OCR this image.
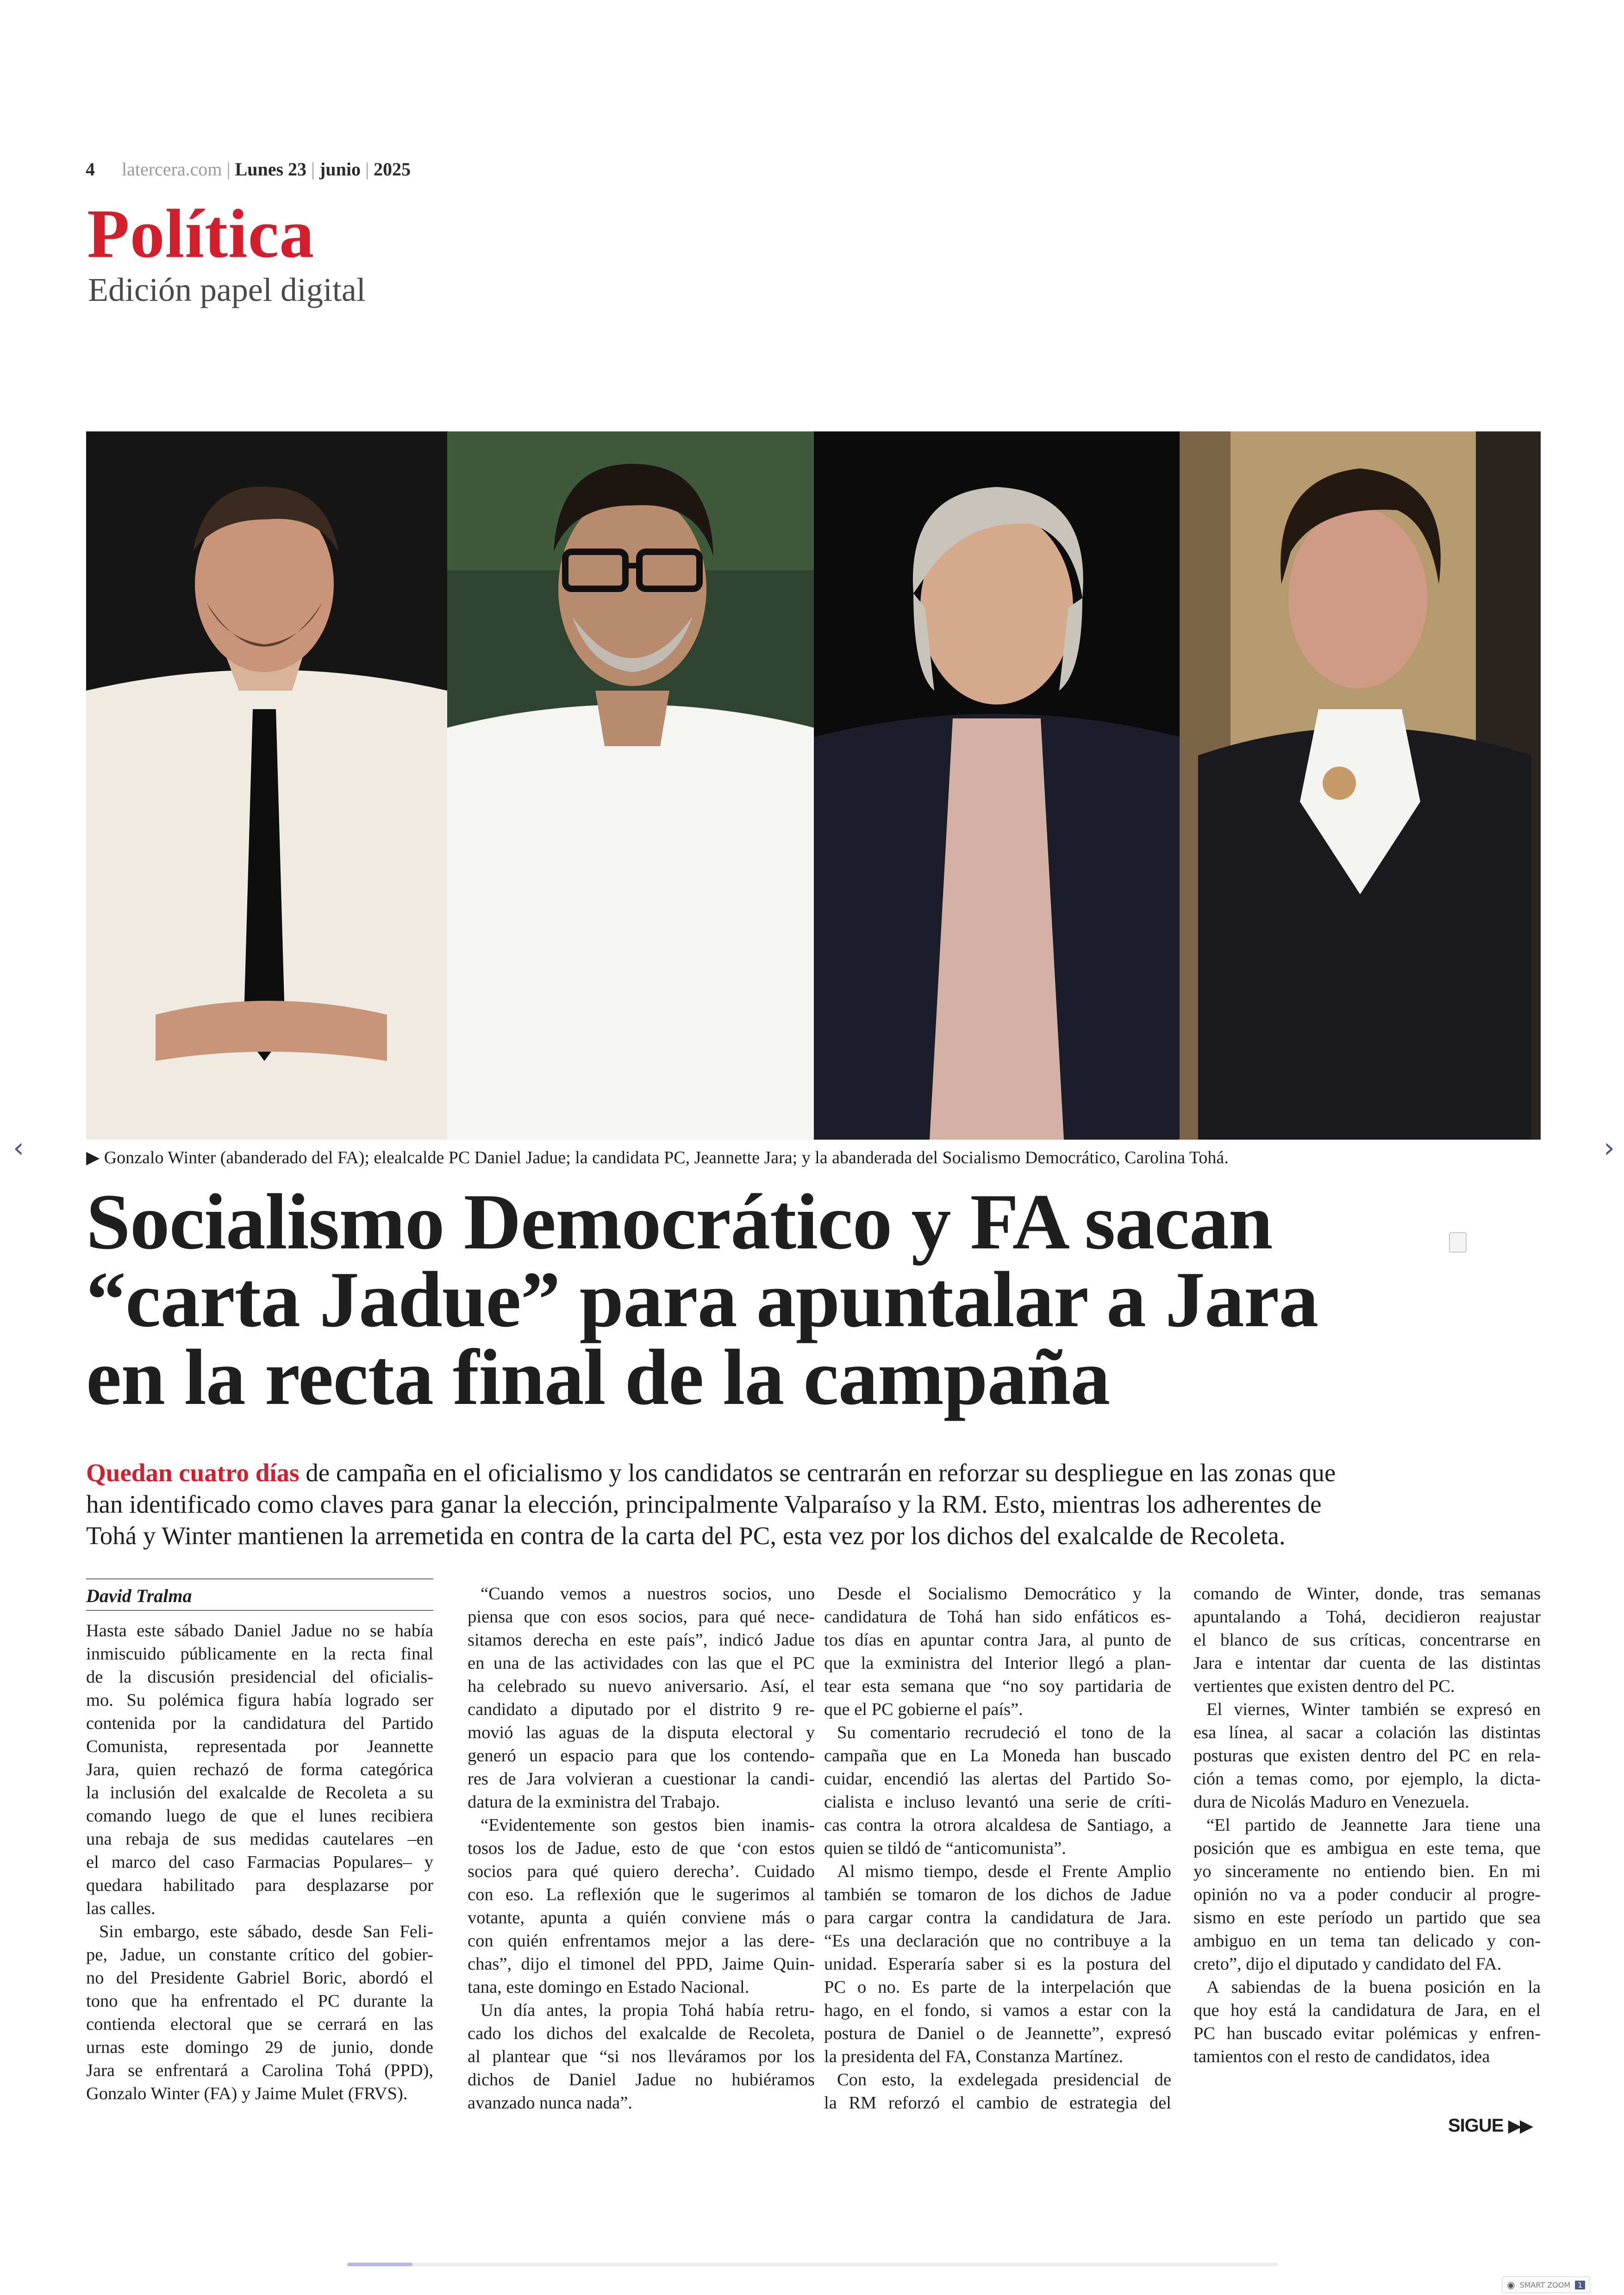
4 latercera.com | Lunes 23 | junio | 2025
Política
Edición papel digital
▶ Gonzalo Winter (abanderado del FA); elealcalde PC Daniel Jadue; la candidata PC, Jeannette Jara; y la abanderada del Socialismo Democrático, Carolina Tohá.
‹	›
Socialismo Democrático y FA sacan
“carta Jadue” para apuntalar a Jara
en la recta final de la campaña
Quedan cuatro días de campaña en el oficialismo y los candidatos se centrarán en reforzar su despliegue en las zonas que
han identificado como claves para ganar la elección, principalmente Valparaíso y la RM. Esto, mientras los adherentes de
Tohá y Winter mantienen la arremetida en contra de la carta del PC, esta vez por los dichos del exalcalde de Recoleta.
David Tralma
Hasta este sábado Daniel Jadue no se había
inmiscuido públicamente en la recta final
de la discusión presidencial del oficialis-
mo. Su polémica figura había logrado ser
contenida por la candidatura del Partido
Comunista, representada por Jeannette
Jara, quien rechazó de forma categórica
la inclusión del exalcalde de Recoleta a su
comando luego de que el lunes recibiera
una rebaja de sus medidas cautelares –en
el marco del caso Farmacias Populares– y
quedara habilitado para desplazarse por
las calles.
Sin embargo, este sábado, desde San Feli-
pe, Jadue, un constante crítico del gobier-
no del Presidente Gabriel Boric, abordó el
tono que ha enfrentado el PC durante la
contienda electoral que se cerrará en las
urnas este domingo 29 de junio, donde
Jara se enfrentará a Carolina Tohá (PPD),
Gonzalo Winter (FA) y Jaime Mulet (FRVS).
“Cuando vemos a nuestros socios, uno
piensa que con esos socios, para qué nece-
sitamos derecha en este país”, indicó Jadue
en una de las actividades con las que el PC
ha celebrado su nuevo aniversario. Así, el
candidato a diputado por el distrito 9 re-
movió las aguas de la disputa electoral y
generó un espacio para que los contendo-
res de Jara volvieran a cuestionar la candi-
datura de la exministra del Trabajo.
“Evidentemente son gestos bien inamis-
tosos los de Jadue, esto de que ‘con estos
socios para qué quiero derecha’. Cuidado
con eso. La reflexión que le sugerimos al
votante, apunta a quién conviene más o
con quién enfrentamos mejor a las dere-
chas”, dijo el timonel del PPD, Jaime Quin-
tana, este domingo en Estado Nacional.
Un día antes, la propia Tohá había retru-
cado los dichos del exalcalde de Recoleta,
al plantear que “si nos lleváramos por los
dichos de Daniel Jadue no hubiéramos
avanzado nunca nada”.
Desde el Socialismo Democrático y la
candidatura de Tohá han sido enfáticos es-
tos días en apuntar contra Jara, al punto de
que la exministra del Interior llegó a plan-
tear esta semana que “no soy partidaria de
que el PC gobierne el país”.
Su comentario recrudeció el tono de la
campaña que en La Moneda han buscado
cuidar, encendió las alertas del Partido So-
cialista e incluso levantó una serie de críti-
cas contra la otrora alcaldesa de Santiago, a
quien se tildó de “anticomunista”.
Al mismo tiempo, desde el Frente Amplio
también se tomaron de los dichos de Jadue
para cargar contra la candidatura de Jara.
“Es una declaración que no contribuye a la
unidad. Esperaría saber si es la postura del
PC o no. Es parte de la interpelación que
hago, en el fondo, si vamos a estar con la
postura de Daniel o de Jeannette”, expresó
la presidenta del FA, Constanza Martínez.
Con esto, la exdelegada presidencial de
la RM reforzó el cambio de estrategia del
comando de Winter, donde, tras semanas
apuntalando a Tohá, decidieron reajustar
el blanco de sus críticas, concentrarse en
Jara e intentar dar cuenta de las distintas
vertientes que existen dentro del PC.
El viernes, Winter también se expresó en
esa línea, al sacar a colación las distintas
posturas que existen dentro del PC en rela-
ción a temas como, por ejemplo, la dicta-
dura de Nicolás Maduro en Venezuela.
“El partido de Jeannette Jara tiene una
posición que es ambigua en este tema, que
yo sinceramente no entiendo bien. En mi
opinión no va a poder conducir al progre-
sismo en este período un partido que sea
ambiguo en un tema tan delicado y con-
creto”, dijo el diputado y candidato del FA.
A sabiendas de la buena posición en la
que hoy está la candidatura de Jara, en el
PC han buscado evitar polémicas y enfren-
tamientos con el resto de candidatos, idea
SIGUE ▶▶
◉ SMART ZOOM	1
